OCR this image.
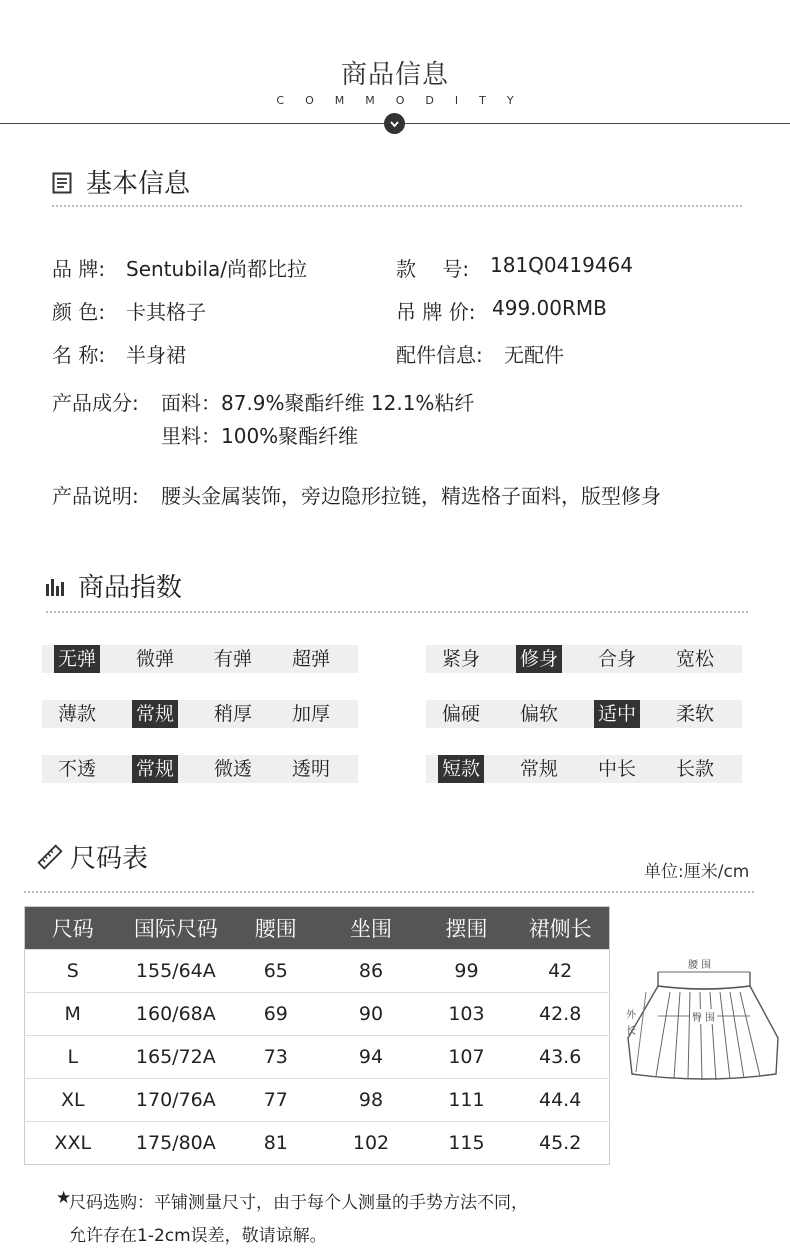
商品信息
COMMODITY
基本信息
品 牌: Sentubila/尚都比拉	款　 号: 181Q0419464
颜 色: 卡其格子	吊 牌 价: 499.00RMB
名 称: 半身裙	配件信息: 无配件
产品成分: 面料：87.9%聚酯纤维 12.1%粘纤
里料：100%聚酯纤维
产品说明: 腰头金属装饰，旁边隐形拉链，精选格子面料，版型修身
商品指数
无弹 微弹 有弹 超弹	紧身 修身 合身 宽松
薄款 常规 稍厚 加厚	偏硬 偏软 适中 柔软
不透 常规 微透 透明	短款 常规 中长 长款
尺码表	单位:厘米/cm
尺码	国际尺码	腰围	坐围	摆围	裙侧长
S	155/64A	65	86	99	42
M	160/68A	69	90	103	42.8
L	165/72A	73	94	107	43.6
XL	170/76A	77	98	111	44.4
XXL	175/80A	81	102	115	45.2
腰 围
臀 围
外
长
★
尺码选购：平铺测量尺寸，由于每个人测量的手势方法不同，
允许存在1-2cm误差，敬请谅解。
